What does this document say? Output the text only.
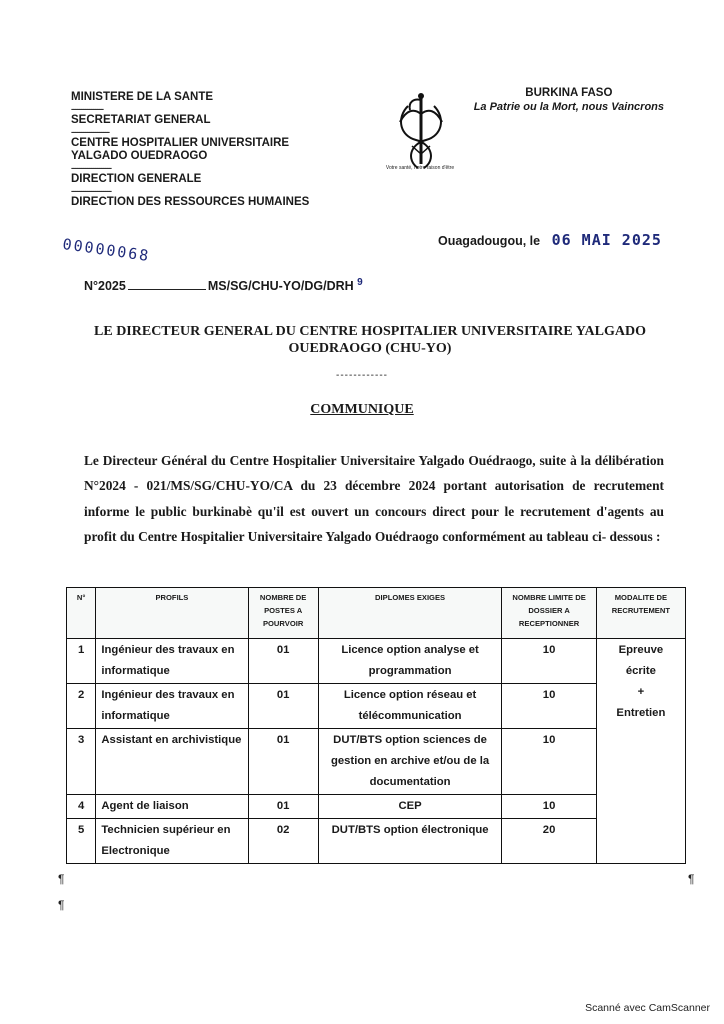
MINISTERE DE LA SANTE
----------------
SECRETARIAT GENERAL
-------------------
CENTRE HOSPITALIER UNIVERSITAIRE
YALGADO OUEDRAOGO
--------------------
DIRECTION GENERALE
--------------------
DIRECTION DES RESSOURCES HUMAINES
Votre santé, notre raison d'être
BURKINA FASO
La Patrie ou la Mort, nous Vaincrons
Ouagadougou, le 06 MAI 2025
00000068
N°2025	MS/SG/CHU-YO/DG/DRH $^9$
LE DIRECTEUR GENERAL DU CENTRE HOSPITALIER UNIVERSITAIRE YALGADO OUEDRAOGO (CHU-YO)
------------
COMMUNIQUE
Le Directeur Général du Centre Hospitalier Universitaire Yalgado Ouédraogo, suite à la délibération N°2024 - 021/MS/SG/CHU-YO/CA du 23 décembre 2024 portant autorisation de recrutement informe le public burkinabè qu'il est ouvert un concours direct pour le recrutement d'agents au profit du Centre Hospitalier Universitaire Yalgado Ouédraogo conformément au tableau ci- dessous :
N°	PROFILS	NOMBRE DE POSTES A POURVOIR	DIPLOMES EXIGES	NOMBRE LIMITE DE DOSSIER A RECEPTIONNER	MODALITE DE RECRUTEMENT
1	Ingénieur des travaux en informatique	01	Licence option analyse et programmation	10	Epreuve
écrite
+
Entretien

2	Ingénieur des travaux en informatique	01	Licence option réseau et télécommunication	10	
3	Assistant en archivistique	01	DUT/BTS option sciences de gestion en archive et/ou de la documentation	10	
4	Agent de liaison	01	CEP	10	
5	Technicien supérieur en Electronique	02	DUT/BTS option électronique	20	
¶	¶
¶
Scanné avec CamScanner
